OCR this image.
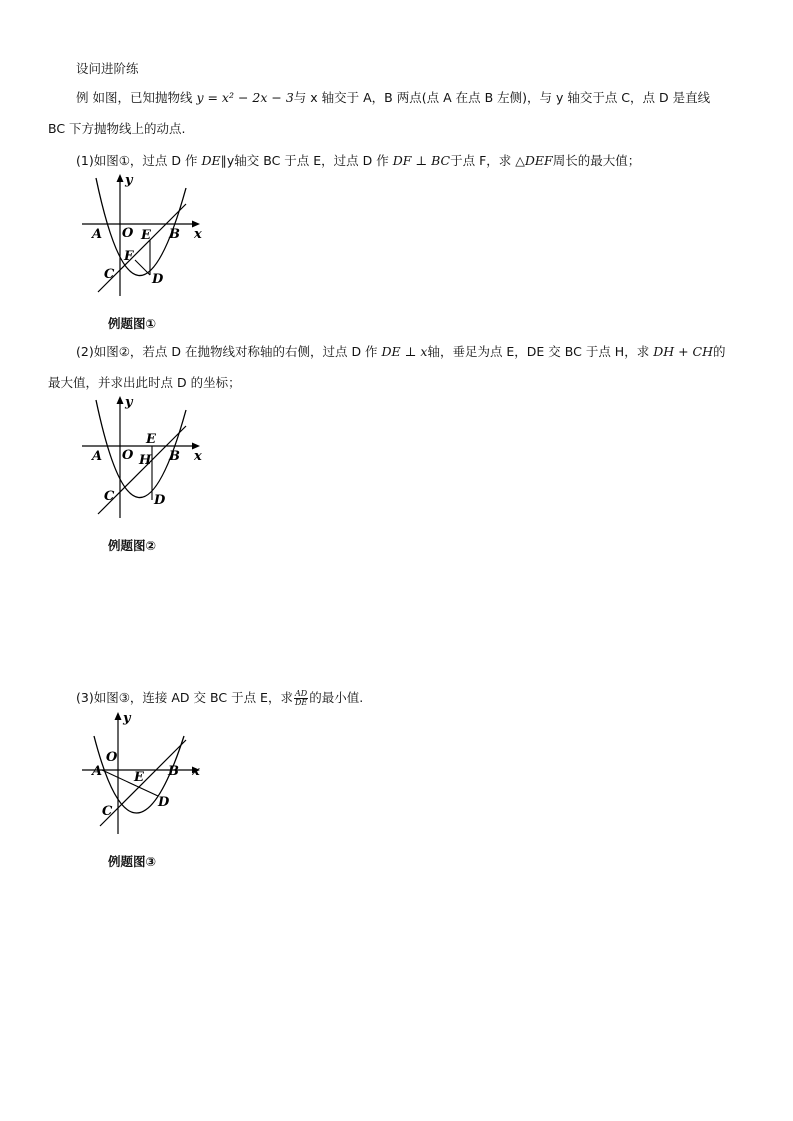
设问进阶练
例 如图，已知抛物线 y = x² − 2x − 3与 x 轴交于 A，B 两点(点 A 在点 B 左侧)，与 y 轴交于点 C，点 D 是直线
BC 下方抛物线上的动点.
(1)如图①，过点 D 作 DE∥y轴交 BC 于点 E，过点 D 作 DF ⊥ BC于点 F，求 △DEF周长的最大值；
x
y
A O E B
F
C	D
例题图①
(2)如图②，若点 D 在抛物线对称轴的右侧，过点 D 作 DE ⊥ x轴，垂足为点 E，DE 交 BC 于点 H，求 DH + CH的
最大值，并求出此时点 D 的坐标；
x
y
E
A O H B
C	D
例题图②
(3)如图③，连接 AD 交 BC 于点 E，求 $\frac{AD}{DE}$ 的最小值.
x
y
O
A	B
E
D
C
例题图③
